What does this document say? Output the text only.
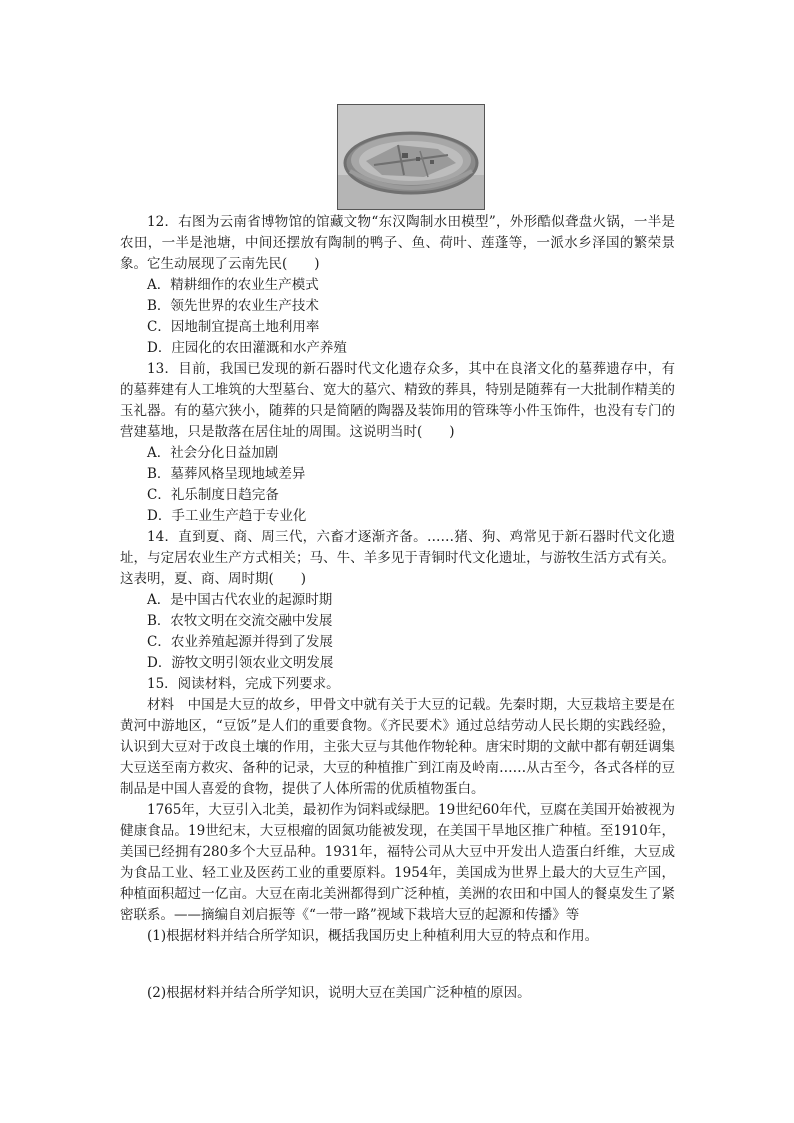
12．右图为云南省博物馆的馆藏文物“东汉陶制水田模型”，外形酷似聋盘火锅，一半是农田，一半是池塘，中间还摆放有陶制的鸭子、鱼、荷叶、莲蓬等，一派水乡泽国的繁荣景象。它生动展现了云南先民(　　)

A．精耕细作的农业生产模式

B．领先世界的农业生产技术

C．因地制宜提高土地利用率

D．庄园化的农田灌溉和水产养殖

13．目前，我国已发现的新石器时代文化遗存众多，其中在良渚文化的墓葬遗存中，有的墓葬建有人工堆筑的大型墓台、宽大的墓穴、精致的葬具，特别是随葬有一大批制作精美的玉礼器。有的墓穴狭小，随葬的只是简陋的陶器及装饰用的管珠等小件玉饰件，也没有专门的营建墓地，只是散落在居住址的周围。这说明当时(　　)

A．社会分化日益加剧

B．墓葬风格呈现地域差异

C．礼乐制度日趋完备

D．手工业生产趋于专业化

14．直到夏、商、周三代，六畜才逐渐齐备。……猪、狗、鸡常见于新石器时代文化遗址，与定居农业生产方式相关；马、牛、羊多见于青铜时代文化遗址，与游牧生活方式有关。这表明，夏、商、周时期(　　)

A．是中国古代农业的起源时期

B．农牧文明在交流交融中发展

C．农业养殖起源并得到了发展

D．游牧文明引领农业文明发展

15．阅读材料，完成下列要求。

材料　中国是大豆的故乡，甲骨文中就有关于大豆的记载。先秦时期，大豆栽培主要是在黄河中游地区，“豆饭”是人们的重要食物。《齐民要术》通过总结劳动人民长期的实践经验，认识到大豆对于改良土壤的作用，主张大豆与其他作物轮种。唐宋时期的文献中都有朝廷调集大豆送至南方救灾、备种的记录，大豆的种植推广到江南及岭南……从古至今，各式各样的豆制品是中国人喜爱的食物，提供了人体所需的优质植物蛋白。

1765年，大豆引入北美，最初作为饲料或绿肥。19世纪60年代，豆腐在美国开始被视为健康食品。19世纪末，大豆根瘤的固氮功能被发现，在美国干旱地区推广种植。至1910年，美国已经拥有280多个大豆品种。1931年，福特公司从大豆中开发出人造蛋白纤维，大豆成为食品工业、轻工业及医药工业的重要原料。1954年，美国成为世界上最大的大豆生产国，种植面积超过一亿亩。大豆在南北美洲都得到广泛种植，美洲的农田和中国人的餐桌发生了紧密联系。——摘编自刘启振等《“一带一路”视域下栽培大豆的起源和传播》等

(1)根据材料并结合所学知识，概括我国历史上种植利用大豆的特点和作用。

(2)根据材料并结合所学知识，说明大豆在美国广泛种植的原因。
